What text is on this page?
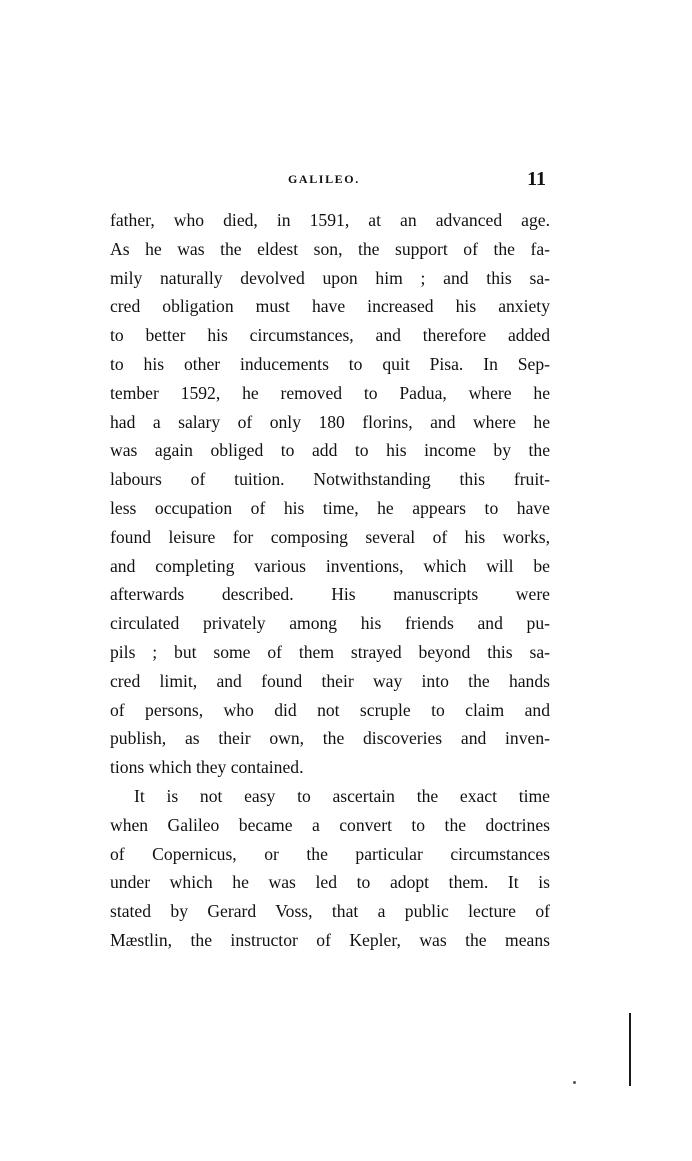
GALILEO.	11
father, who died, in 1591, at an advanced age.
As he was the eldest son, the support of the fa-
mily naturally devolved upon him ; and this sa-
cred obligation must have increased his anxiety
to better his circumstances, and therefore added
to his other inducements to quit Pisa. In Sep-
tember 1592, he removed to Padua, where he
had a salary of only 180 florins, and where he
was again obliged to add to his income by the
labours of tuition. Notwithstanding this fruit-
less occupation of his time, he appears to have
found leisure for composing several of his works,
and completing various inventions, which will be
afterwards described. His manuscripts were
circulated privately among his friends and pu-
pils ; but some of them strayed beyond this sa-
cred limit, and found their way into the hands
of persons, who did not scruple to claim and
publish, as their own, the discoveries and inven-
tions which they contained.
It is not easy to ascertain the exact time
when Galileo became a convert to the doctrines
of Copernicus, or the particular circumstances
under which he was led to adopt them. It is
stated by Gerard Voss, that a public lecture of
Mæstlin, the instructor of Kepler, was the means
